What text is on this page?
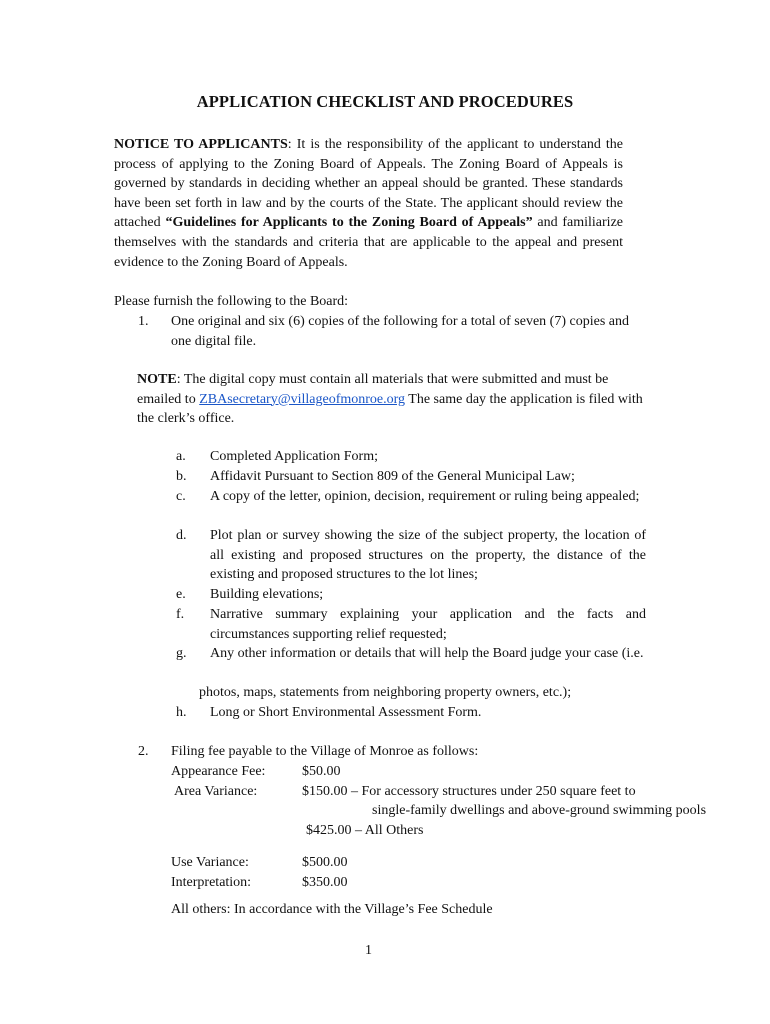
APPLICATION CHECKLIST AND PROCEDURES
NOTICE TO APPLICANTS: It is the responsibility of the applicant to understand the process of applying to the Zoning Board of Appeals. The Zoning Board of Appeals is governed by standards in deciding whether an appeal should be granted. These standards have been set forth in law and by the courts of the State. The applicant should review the attached “Guidelines for Applicants to the Zoning Board of Appeals” and familiarize themselves with the standards and criteria that are applicable to the appeal and present evidence to the Zoning Board of Appeals.
Please furnish the following to the Board:
1. One original and six (6) copies of the following for a total of seven (7) copies and one digital file.
NOTE: The digital copy must contain all materials that were submitted and must be emailed to ZBAsecretary@villageofmonroe.org The same day the application is filed with the clerk’s office.
a. Completed Application Form;
b. Affidavit Pursuant to Section 809 of the General Municipal Law;
c. A copy of the letter, opinion, decision, requirement or ruling being appealed;
d. Plot plan or survey showing the size of the subject property, the location of all existing and proposed structures on the property, the distance of the existing and proposed structures to the lot lines;
e. Building elevations;
f. Narrative summary explaining your application and the facts and circumstances supporting relief requested;
g. Any other information or details that will help the Board judge your case (i.e.
photos, maps, statements from neighboring property owners, etc.);
h. Long or Short Environmental Assessment Form.
2. Filing fee payable to the Village of Monroe as follows:
Appearance Fee:	$50.00
Area Variance:	$150.00 – For accessory structures under 250 square feet to
single-family dwellings and above-ground swimming pools
$425.00 – All Others
Use Variance:	$500.00
Interpretation:	$350.00
All others: In accordance with the Village’s Fee Schedule
1
